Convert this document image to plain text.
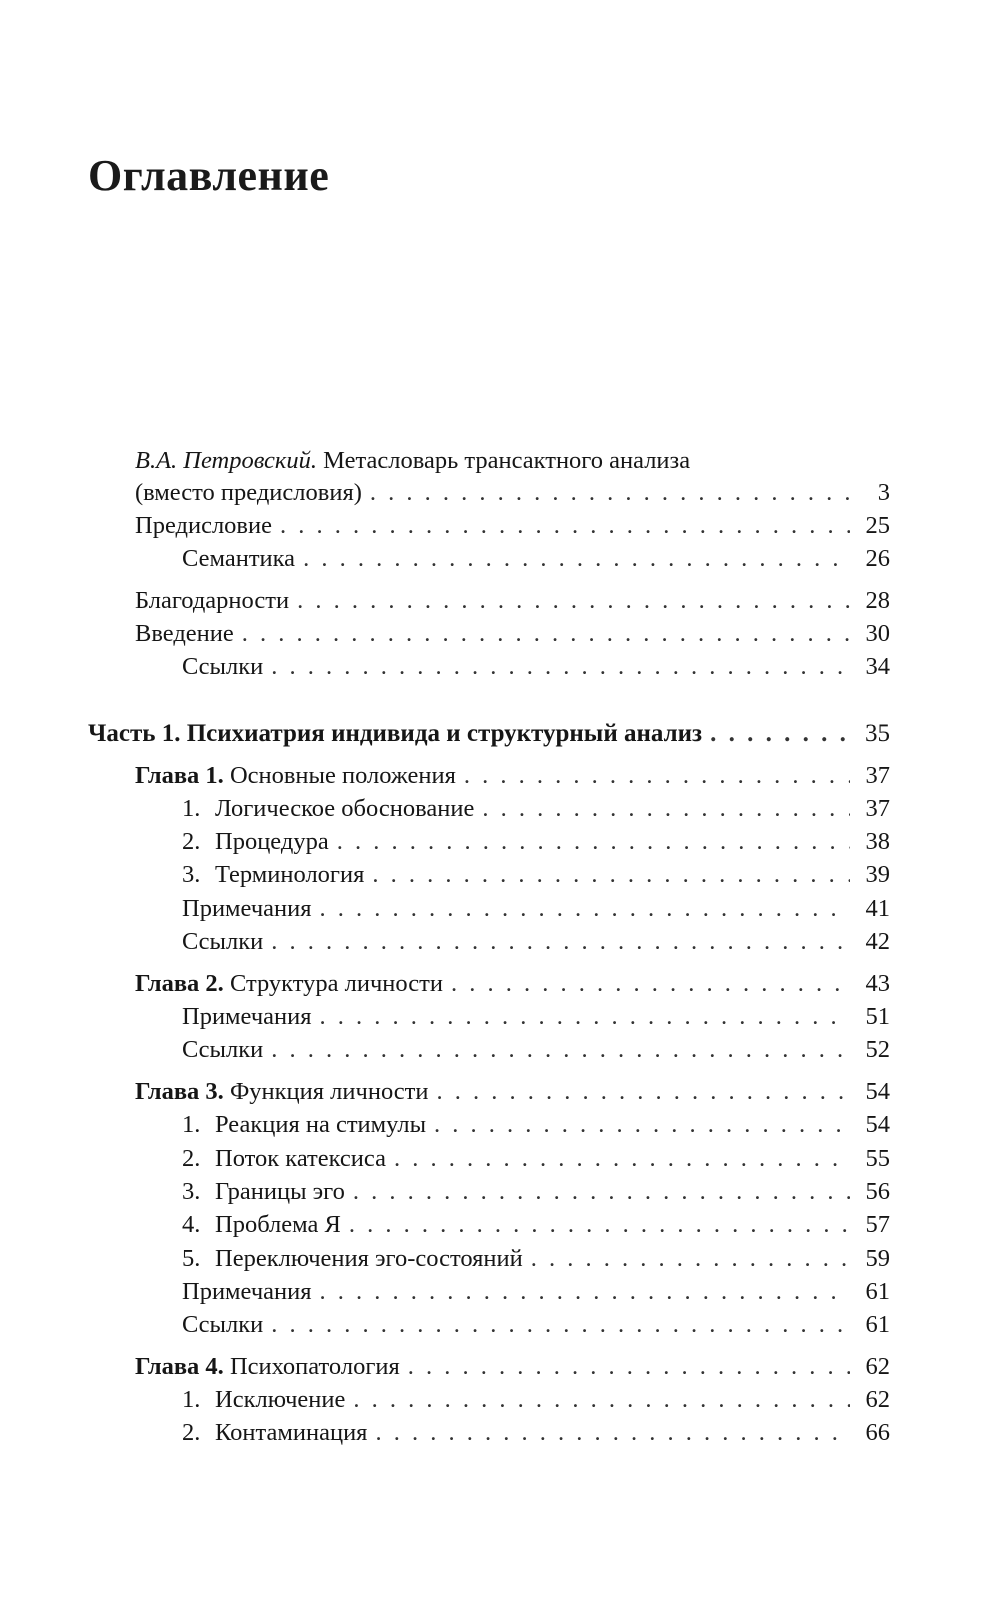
Оглавление
В.А. Петровский. Метасловарь трансактного анализа
(вместо предисловия) . . .	3
Предисловие . . .	25
Семантика . . .	26
Благодарности . . .	28
Введение . . .	30
Ссылки . . .	34
Часть 1. Психиатрия индивида и структурный анализ . . .	35
Глава 1. Основные положения . . .	37
1. Логическое обоснование . . .	37
2. Процедура . . .	38
3. Терминология . . .	39
Примечания . . .	41
Ссылки . . .	42
Глава 2. Структура личности . . .	43
Примечания . . .	51
Ссылки . . .	52
Глава 3. Функция личности . . .	54
1. Реакция на стимулы . . .	54
2. Поток катексиса . . .	55
3. Границы эго . . .	56
4. Проблема Я . . .	57
5. Переключения эго-состояний . . .	59
Примечания . . .	61
Ссылки . . .	61
Глава 4. Психопатология . . .	62
1. Исключение . . .	62
2. Контаминация . . .	66
